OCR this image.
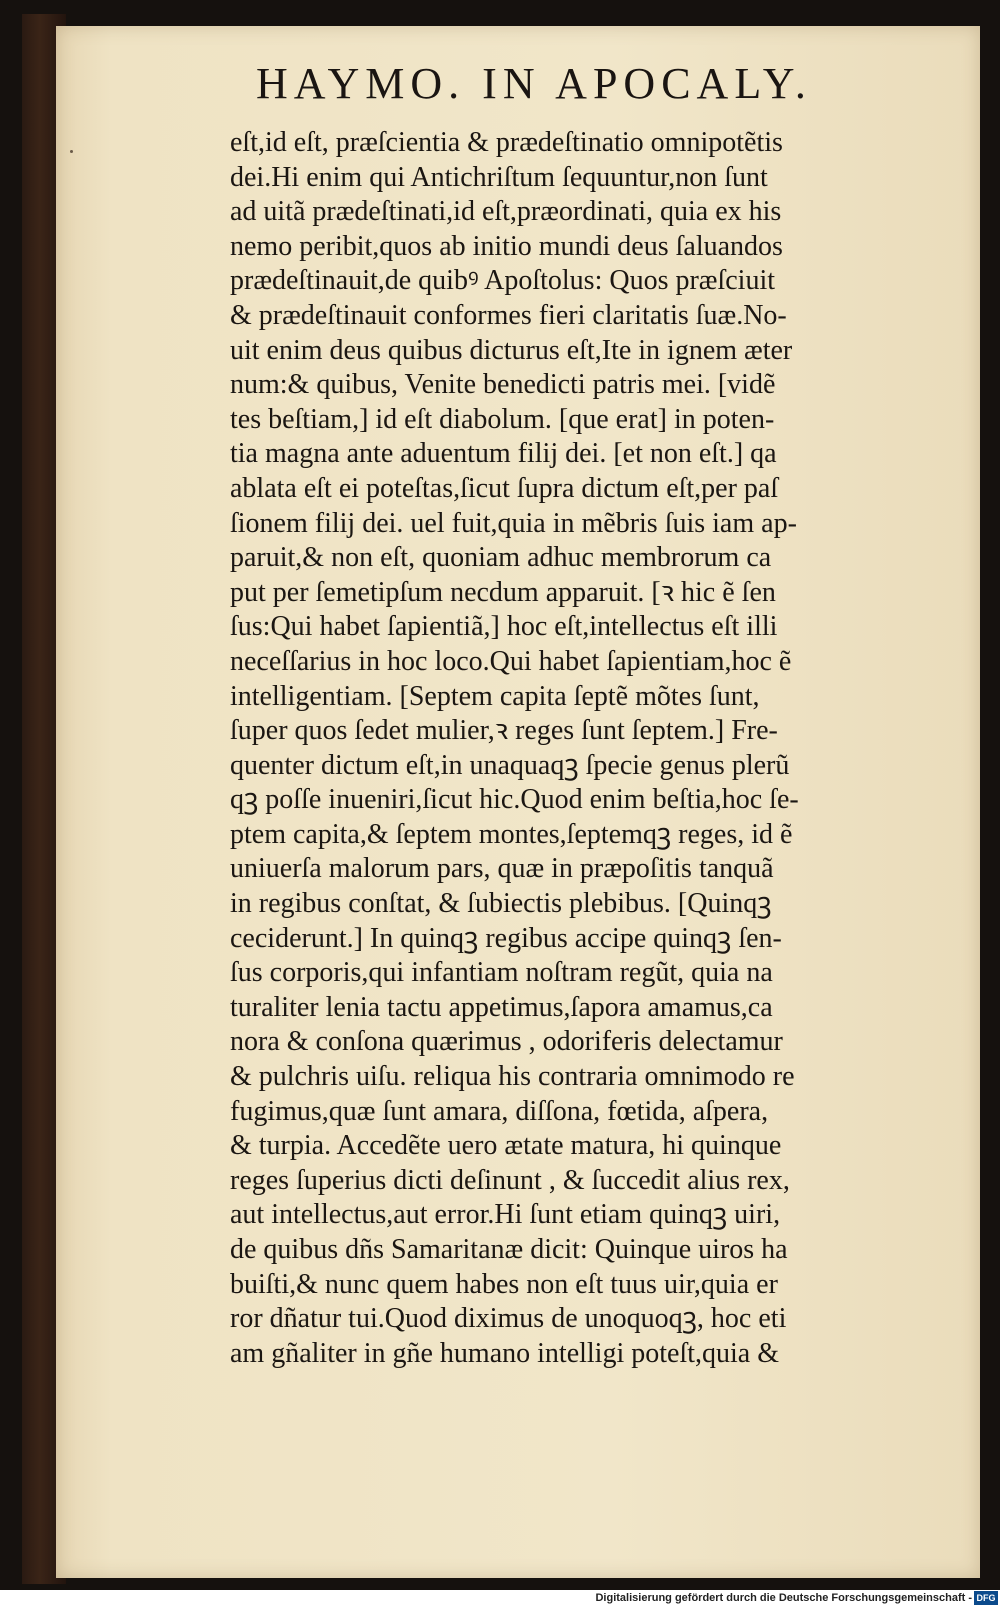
HAYMO. IN APOCALY.
eſt,id eſt, præſcientia & prædeſtinatio omnipotẽtis
dei.Hi enim qui Antichriſtum ſequuntur,non ſunt
ad uitã prædeſtinati,id eſt,præordinati, quia ex his
nemo peribit,quos ab initio mundi deus ſaluandos
prædeſtinauit,de quibꝰ Apoſtolus: Quos præſciuit
& prædeſtinauit conformes fieri claritatis ſuæ.No-
uit enim deus quibus dicturus eſt,Ite in ignem æter
num:& quibus, Venite benedicti patris mei. [vidẽ
tes beſtiam,] id eſt diabolum. [que erat] in poten-
tia magna ante aduentum filij dei. [et non eſt.] qa
ablata eſt ei poteſtas,ſicut ſupra dictum eſt,per paſ
ſionem filij dei. uel fuit,quia in mẽbris ſuis iam ap-
paruit,& non eſt, quoniam adhuc membrorum ca
put per ſemetipſum necdum apparuit. [ꝛ hic ẽ ſen
ſus:Qui habet ſapientiã,] hoc eſt,intellectus eſt illi
neceſſarius in hoc loco.Qui habet ſapientiam,hoc ẽ
intelligentiam. [Septem capita ſeptẽ mõtes ſunt,
ſuper quos ſedet mulier,ꝛ reges ſunt ſeptem.] Fre-
quenter dictum eſt,in unaquaqꝫ ſpecie genus plerũ
qꝫ poſſe inueniri,ſicut hic.Quod enim beſtia,hoc ſe-
ptem capita,& ſeptem montes,ſeptemqꝫ reges, id ẽ
uniuerſa malorum pars, quæ in præpoſitis tanquã
in regibus conſtat, & ſubiectis plebibus. [Quinqꝫ
ceciderunt.] In quinqꝫ regibus accipe quinqꝫ ſen-
ſus corporis,qui infantiam noſtram regũt, quia na
turaliter lenia tactu appetimus,ſapora amamus,ca
nora & conſona quærimus , odoriferis delectamur
& pulchris uiſu. reliqua his contraria omnimodo re
fugimus,quæ ſunt amara, diſſona, fœtida, aſpera,
& turpia. Accedẽte uero ætate matura, hi quinque
reges ſuperius dicti deſinunt , & ſuccedit alius rex,
aut intellectus,aut error.Hi ſunt etiam quinqꝫ uiri,
de quibus dñs Samaritanæ dicit: Quinque uiros ha
buiſti,& nunc quem habes non eſt tuus uir,quia er
ror dñatur tui.Quod diximus de unoquoqꝫ, hoc eti
am gñaliter in gñe humano intelligi poteſt,quia &
Digitalisierung gefördert durch die Deutsche Forschungsgemeinschaft - DFG
